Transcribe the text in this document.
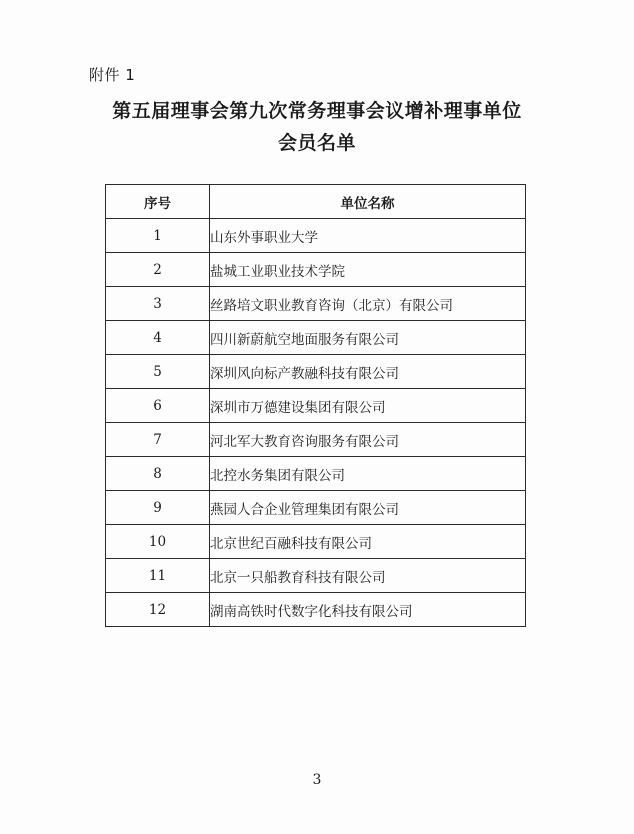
附件 1
第五届理事会第九次常务理事会议增补理事单位
会员名单
序号	单位名称
1	山东外事职业大学
2	盐城工业职业技术学院
3	丝路培文职业教育咨询（北京）有限公司
4	四川新蔚航空地面服务有限公司
5	深圳风向标产教融科技有限公司
6	深圳市万德建设集团有限公司
7	河北军大教育咨询服务有限公司
8	北控水务集团有限公司
9	燕园人合企业管理集团有限公司
10	北京世纪百融科技有限公司
11	北京一只船教育科技有限公司
12	湖南高铁时代数字化科技有限公司
3
